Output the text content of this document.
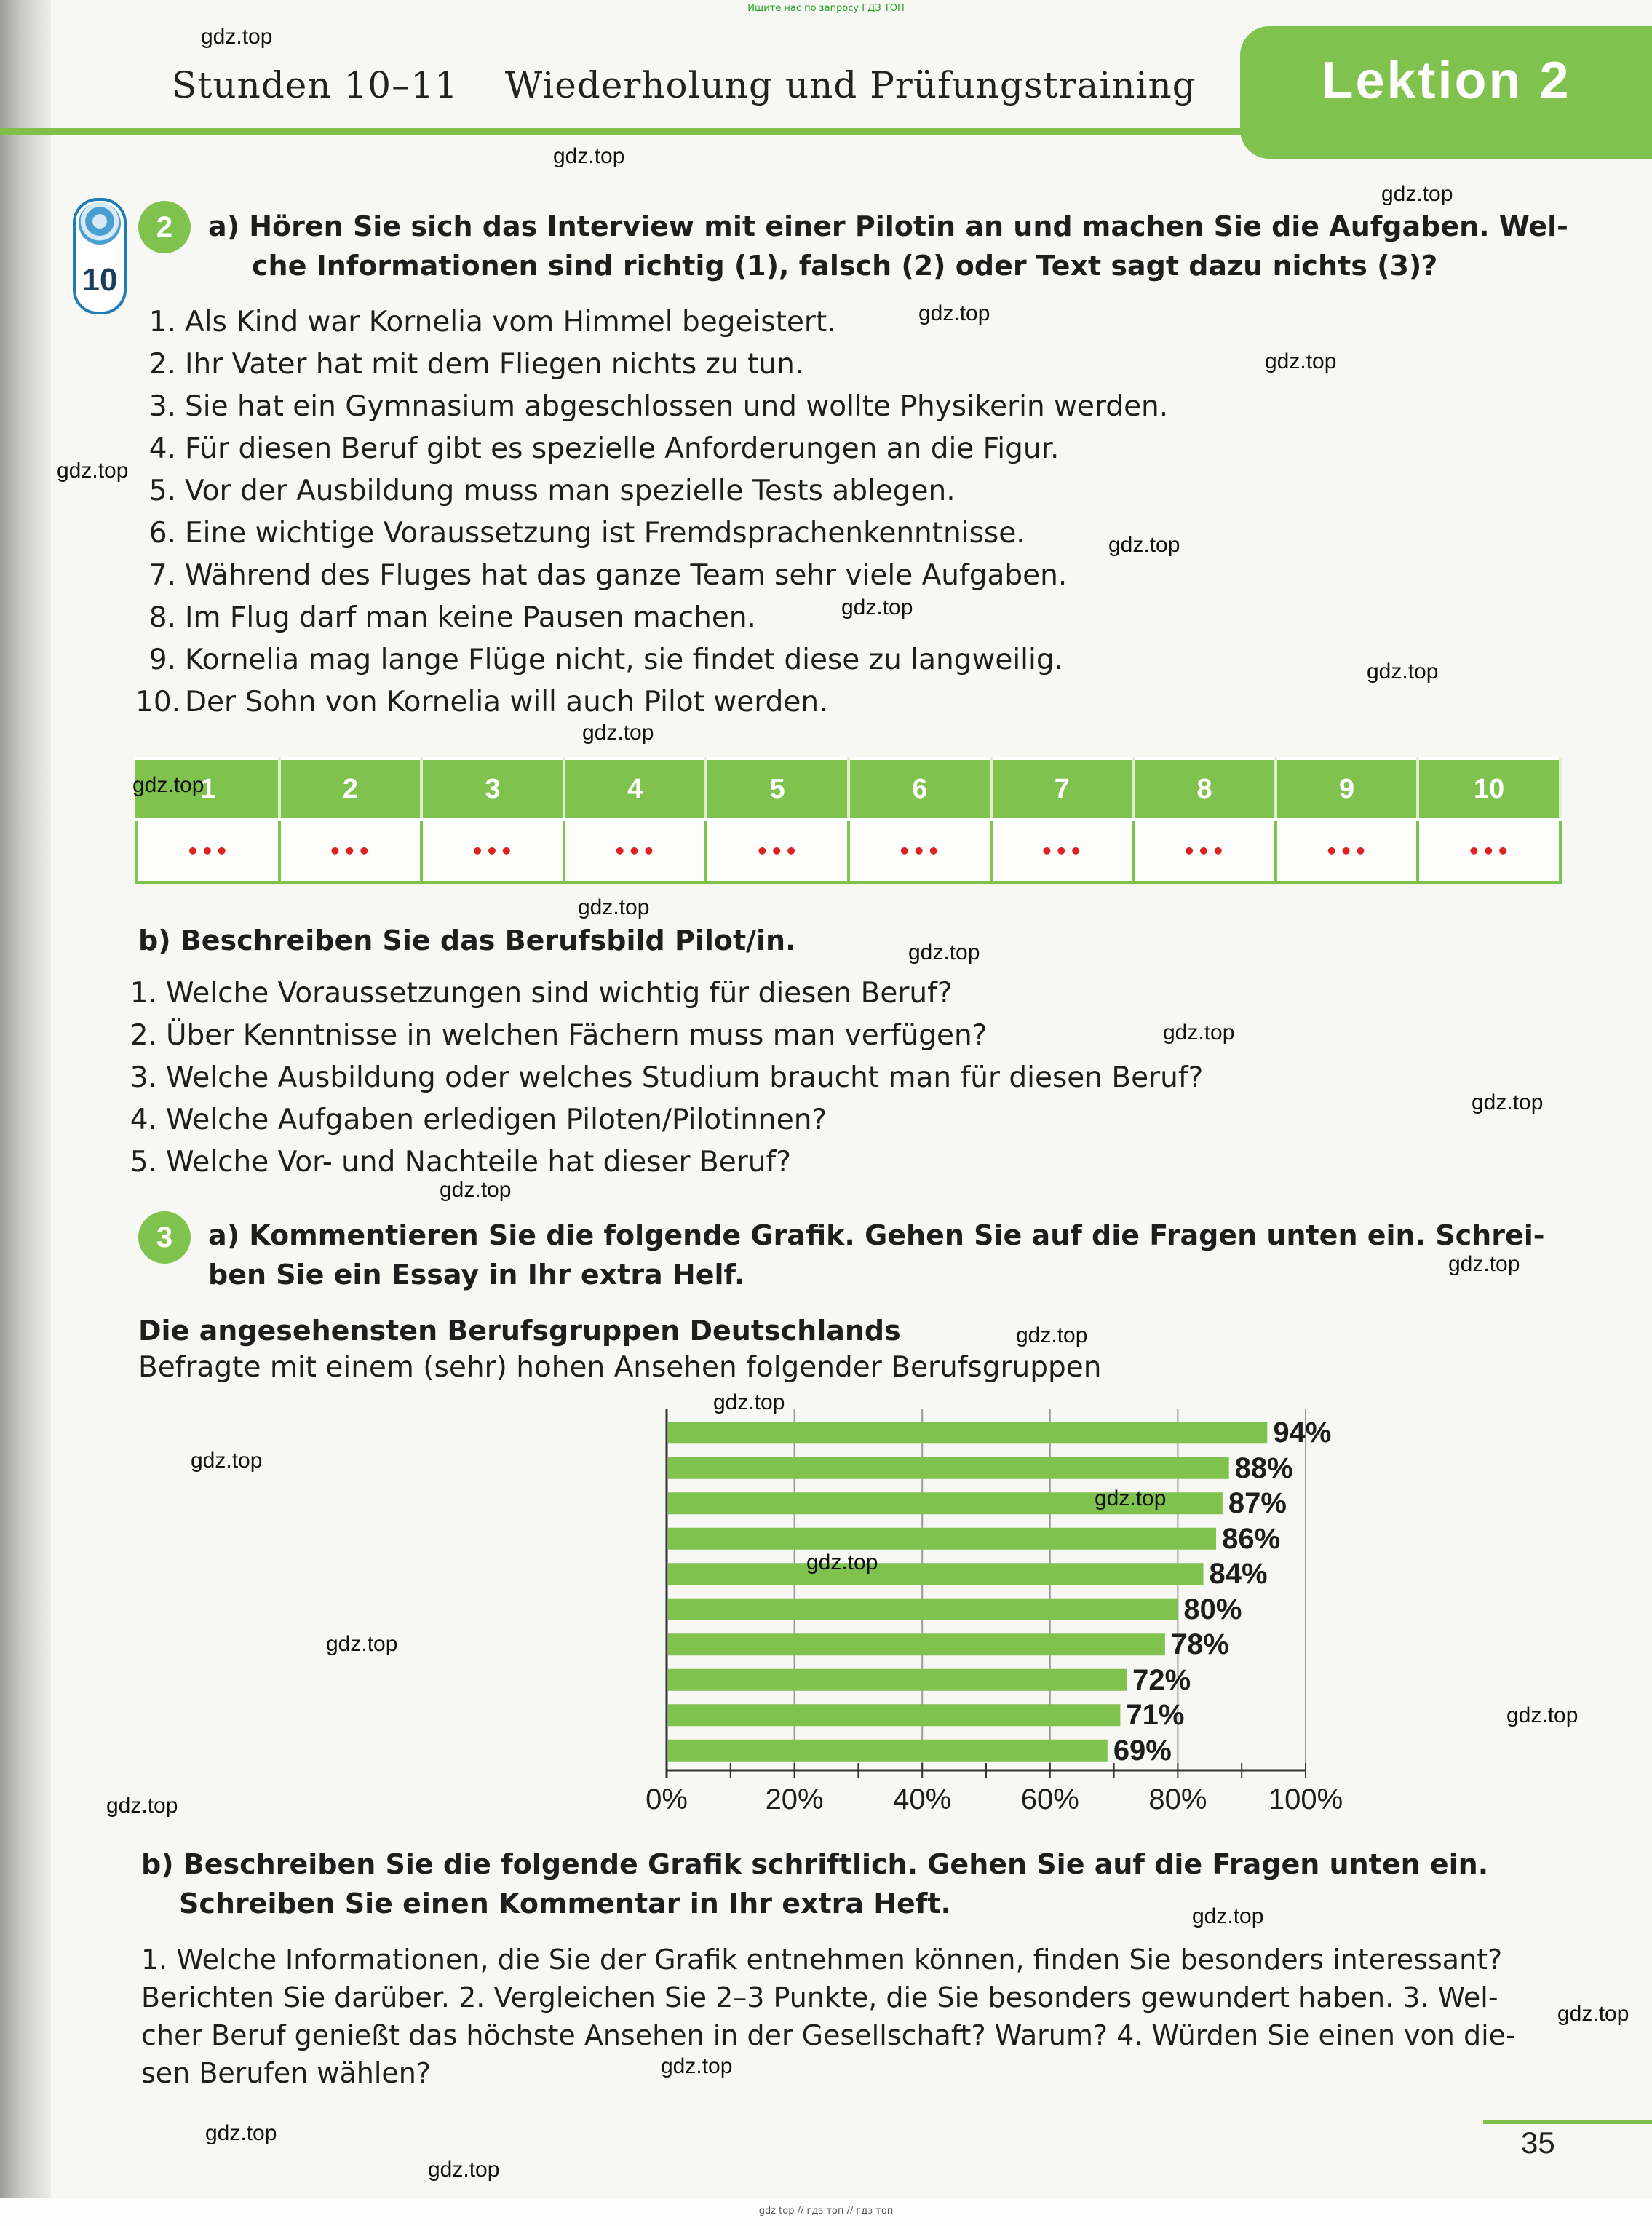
Ищите нас по запросу ГДЗ ТОП
Stunden 10–11 Wiederholung und Prüfungstraining	Lektion 2
10
2	a) Hören Sie sich das Interview mit einer Pilotin an und machen Sie die Aufgaben. Wel-
che Informationen sind richtig (1), falsch (2) oder Text sagt dazu nichts (3)?
1. Als Kind war Kornelia vom Himmel begeistert.
2. Ihr Vater hat mit dem Fliegen nichts zu tun.
3. Sie hat ein Gymnasium abgeschlossen und wollte Physikerin werden.
4. Für diesen Beruf gibt es spezielle Anforderungen an die Figur.
5. Vor der Ausbildung muss man spezielle Tests ablegen.
6. Eine wichtige Voraussetzung ist Fremdsprachenkenntnisse.
7. Während des Fluges hat das ganze Team sehr viele Aufgaben.
8. Im Flug darf man keine Pausen machen.
9. Kornelia mag lange Flüge nicht, sie findet diese zu langweilig.
10. Der Sohn von Kornelia will auch Pilot werden.
1	2	3	4	5	6	7	8	9	10
•••	•••	•••	•••	•••	•••	•••	•••	•••	•••
b) Beschreiben Sie das Berufsbild Pilot/in.
1. Welche Voraussetzungen sind wichtig für diesen Beruf?
2. Über Kenntnisse in welchen Fächern muss man verfügen?
3. Welche Ausbildung oder welches Studium braucht man für diesen Beruf?
4. Welche Aufgaben erledigen Piloten/Pilotinnen?
5. Welche Vor- und Nachteile hat dieser Beruf?
3	a) Kommentieren Sie die folgende Grafik. Gehen Sie auf die Fragen unten ein. Schrei-
ben Sie ein Essay in Ihr extra Helf.
Die angesehensten Berufsgruppen Deutschlands
Befragte mit einem (sehr) hohen Ansehen folgender Berufsgruppen
94%
88%
87%
86%
84%
80%
78%
72%
71%
69%
0%	20%	40%	60%	80%	100%
b) Beschreiben Sie die folgende Grafik schriftlich. Gehen Sie auf die Fragen unten ein.
Schreiben Sie einen Kommentar in Ihr extra Heft.
1. Welche Informationen, die Sie der Grafik entnehmen können, finden Sie besonders interessant?
Berichten Sie darüber. 2. Vergleichen Sie 2–3 Punkte, die Sie besonders gewundert haben. 3. Wel-
cher Beruf genießt das höchste Ansehen in der Gesellschaft? Warum? 4. Würden Sie einen von die-
sen Berufen wählen?
35
gdz top // гдз топ // гдз топ
gdz.top
gdz.top
gdz.top
gdz.top
gdz.top
gdz.top
gdz.top
gdz.top
gdz.top
gdz.top
gdz.top
gdz.top
gdz.top
gdz.top
gdz.top
gdz.top
gdz.top
gdz.top
gdz.top
gdz.top
gdz.top
gdz.top
gdz.top
gdz.top
gdz.top
gdz.top
gdz.top
gdz.top
gdz.top
gdz.top
